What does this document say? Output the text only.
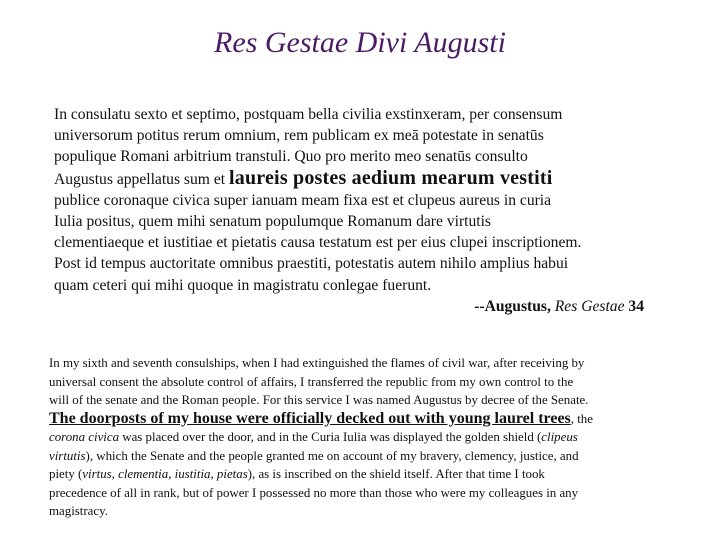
Res Gestae Divi Augusti
In consulatu sexto et septimo, postquam bella civilia exstinxeram, per consensum
universorum potitus rerum omnium, rem publicam ex meā potestate in senatūs
populique Romani arbitrium transtuli. Quo pro merito meo senatūs consulto
Augustus appellatus sum et laureis postes aedium mearum vestiti
publice coronaque civica super ianuam meam fixa est et clupeus aureus in curia
Iulia positus, quem mihi senatum populumque Romanum dare virtutis
clementiaeque et iustitiae et pietatis causa testatum est per eius clupei inscriptionem.
Post id tempus auctoritate omnibus praestiti, potestatis autem nihilo amplius habui
quam ceteri qui mihi quoque in magistratu conlegae fuerunt.
--Augustus, Res Gestae 34
In my sixth and seventh consulships, when I had extinguished the flames of civil war, after receiving by
universal consent the absolute control of affairs, I transferred the republic from my own control to the
will of the senate and the Roman people. For this service I was named Augustus by decree of the Senate.
The doorposts of my house were officially decked out with young laurel trees, the
corona civica was placed over the door, and in the Curia Iulia was displayed the golden shield (clipeus
virtutis), which the Senate and the people granted me on account of my bravery, clemency, justice, and
piety (virtus, clementia, iustitia, pietas), as is inscribed on the shield itself. After that time I took
precedence of all in rank, but of power I possessed no more than those who were my colleagues in any
magistracy.
